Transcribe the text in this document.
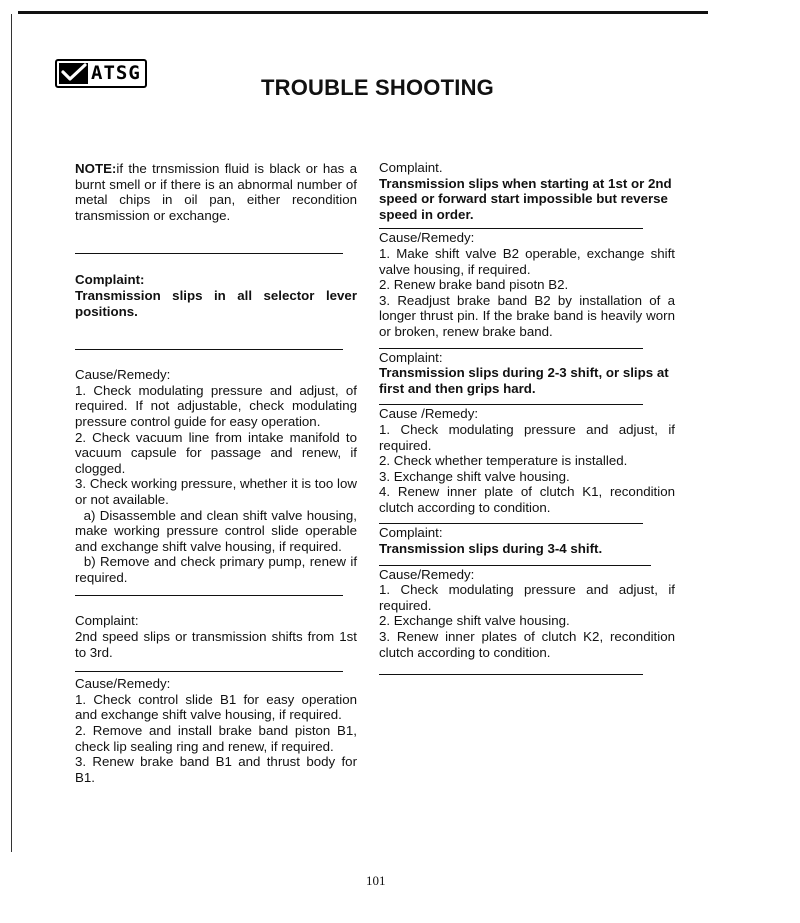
ATSG
TROUBLE SHOOTING

NOTE:if the trnsmission fluid is black or has a burnt smell or if there is an abnormal number of metal chips in oil pan, either recondition transmission or exchange.

Complaint:

Transmission slips in all selector lever positions.

Cause/Remedy:

1. Check modulating pressure and adjust, of required. If not adjustable, check modulating pressure control guide for easy operation.

2. Check vacuum line from intake manifold to vacuum capsule for passage and renew, if clogged.

3. Check working pressure, whether it is too low or not available.

a) Disassemble and clean shift valve housing, make working pressure control slide operable and exchange shift valve housing, if required.

b) Remove and check primary pump, renew if required.

Complaint:

2nd speed slips or transmission shifts from 1st to 3rd.

Cause/Remedy:

1. Check control slide B1 for easy operation and exchange shift valve housing, if required.

2. Remove and install brake band piston B1, check lip sealing ring and renew, if required.

3. Renew brake band B1 and thrust body for B1.

Complaint.

Transmission slips when starting at 1st or 2nd speed or forward start impossible but reverse speed in order.

Cause/Remedy:

1. Make shift valve B2 operable, exchange shift valve housing, if required.

2. Renew brake band pisotn B2.

3. Readjust brake band B2 by installation of a longer thrust pin. If the brake band is heavily worn or broken, renew brake band.

Complaint:

Transmission slips during 2-3 shift, or slips at first and then grips hard.

Cause /Remedy:

1. Check modulating pressure and adjust, if required.

2. Check whether temperature is installed.

3. Exchange shift valve housing.

4. Renew inner plate of clutch K1, recondition clutch according to condition.

Complaint:

Transmission slips during 3-4 shift.

Cause/Remedy:

1. Check modulating pressure and adjust, if required.

2. Exchange shift valve housing.

3. Renew inner plates of clutch K2, recondition clutch according to condition.

101
